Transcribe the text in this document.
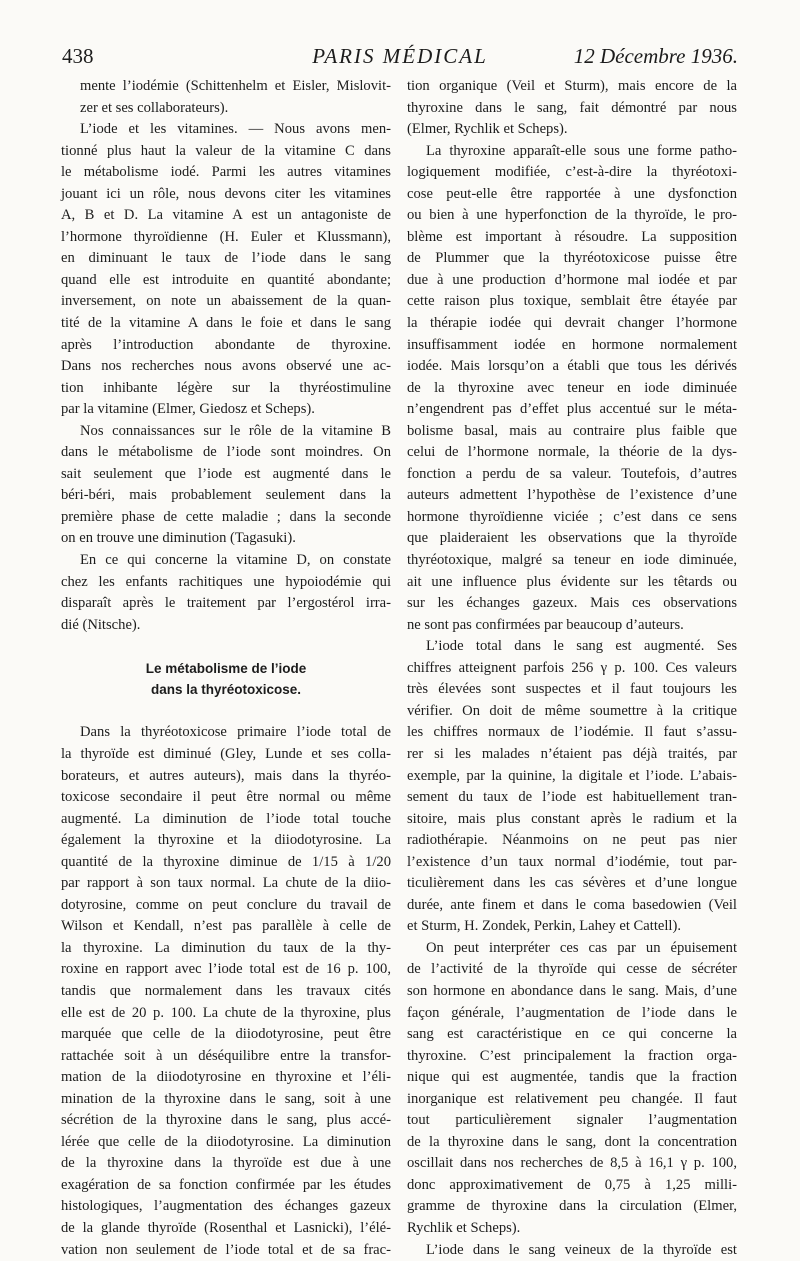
438	PARIS MÉDICAL	12 Décembre 1936.

mente l’iodémie (Schittenhelm et Eisler, Mislovit-
zer et ses collaborateurs).

L’iode et les vitamines. — Nous avons men-
tionné plus haut la valeur de la vitamine C dans
le métabolisme iodé. Parmi les autres vitamines
jouant ici un rôle, nous devons citer les vitamines
A, B et D. La vitamine A est un antagoniste de
l’hormone thyroïdienne (H. Euler et Klussmann),
en diminuant le taux de l’iode dans le sang
quand elle est introduite en quantité abondante;
inversement, on note un abaissement de la quan-
tité de la vitamine A dans le foie et dans le sang
après l’introduction abondante de thyroxine.
Dans nos recherches nous avons observé une ac-
tion inhibante légère sur la thyréostimuline
par la vitamine (Elmer, Giedosz et Scheps).

Nos connaissances sur le rôle de la vitamine B
dans le métabolisme de l’iode sont moindres. On
sait seulement que l’iode est augmenté dans le
béri-béri, mais probablement seulement dans la
première phase de cette maladie ; dans la seconde
on en trouve une diminution (Tagasuki).

En ce qui concerne la vitamine D, on constate
chez les enfants rachitiques une hypoiodémie qui
disparaît après le traitement par l’ergostérol irra-
dié (Nitsche).

Le métabolisme de l’iode
dans la thyréotoxicose.

Dans la thyréotoxicose primaire l’iode total de
la thyroïde est diminué (Gley, Lunde et ses colla-
borateurs, et autres auteurs), mais dans la thyréo-
toxicose secondaire il peut être normal ou même
augmenté. La diminution de l’iode total touche
également la thyroxine et la diiodotyrosine. La
quantité de la thyroxine diminue de 1/15 à 1/20
par rapport à son taux normal. La chute de la diio-
dotyrosine, comme on peut conclure du travail de
Wilson et Kendall, n’est pas parallèle à celle de
la thyroxine. La diminution du taux de la thy-
roxine en rapport avec l’iode total est de 16 p. 100,
tandis que normalement dans les travaux cités
elle est de 20 p. 100. La chute de la thyroxine, plus
marquée que celle de la diiodotyrosine, peut être
rattachée soit à un déséquilibre entre la transfor-
mation de la diiodotyrosine en thyroxine et l’éli-
mination de la thyroxine dans le sang, soit à une
sécrétion de la thyroxine dans le sang, plus accé-
lérée que celle de la diiodotyrosine. La diminution
de la thyroxine dans la thyroïde est due à une
exagération de sa fonction confirmée par les études
histologiques, l’augmentation des échanges gazeux
de la glande thyroïde (Rosenthal et Lasnicki), l’élé-
vation non seulement de l’iode total et de sa frac-

tion organique (Veil et Sturm), mais encore de la
thyroxine dans le sang, fait démontré par nous
(Elmer, Rychlik et Scheps).

La thyroxine apparaît-elle sous une forme patho-
logiquement modifiée, c’est-à-dire la thyréotoxi-
cose peut-elle être rapportée à une dysfonction
ou bien à une hyperfonction de la thyroïde, le pro-
blème est important à résoudre. La supposition
de Plummer que la thyréotoxicose puisse être
due à une production d’hormone mal iodée et par
cette raison plus toxique, semblait être étayée par
la thérapie iodée qui devrait changer l’hormone
insuffisamment iodée en hormone normalement
iodée. Mais lorsqu’on a établi que tous les dérivés
de la thyroxine avec teneur en iode diminuée
n’engendrent pas d’effet plus accentué sur le méta-
bolisme basal, mais au contraire plus faible que
celui de l’hormone normale, la théorie de la dys-
fonction a perdu de sa valeur. Toutefois, d’autres
auteurs admettent l’hypothèse de l’existence d’une
hormone thyroïdienne viciée ; c’est dans ce sens
que plaideraient les observations que la thyroïde
thyréotoxique, malgré sa teneur en iode diminuée,
ait une influence plus évidente sur les têtards ou
sur les échanges gazeux. Mais ces observations
ne sont pas confirmées par beaucoup d’auteurs.

L’iode total dans le sang est augmenté. Ses
chiffres atteignent parfois 256 γ p. 100. Ces valeurs
très élevées sont suspectes et il faut toujours les
vérifier. On doit de même soumettre à la critique
les chiffres normaux de l’iodémie. Il faut s’assu-
rer si les malades n’étaient pas déjà traités, par
exemple, par la quinine, la digitale et l’iode. L’abais-
sement du taux de l’iode est habituellement tran-
sitoire, mais plus constant après le radium et la
radiothérapie. Néanmoins on ne peut pas nier
l’existence d’un taux normal d’iodémie, tout par-
ticulièrement dans les cas sévères et d’une longue
durée, ante finem et dans le coma basedowien (Veil
et Sturm, H. Zondek, Perkin, Lahey et Cattell).

On peut interpréter ces cas par un épuisement
de l’activité de la thyroïde qui cesse de sécréter
son hormone en abondance dans le sang. Mais, d’une
façon générale, l’augmentation de l’iode dans le
sang est caractéristique en ce qui concerne la
thyroxine. C’est principalement la fraction orga-
nique qui est augmentée, tandis que la fraction
inorganique est relativement peu changée. Il faut
tout particulièrement signaler l’augmentation
de la thyroxine dans le sang, dont la concentration
oscillait dans nos recherches de 8,5 à 16,1 γ p. 100,
donc approximativement de 0,75 à 1,25 milli-
gramme de thyroxine dans la circulation (Elmer,
Rychlik et Scheps).

L’iode dans le sang veineux de la thyroïde est
